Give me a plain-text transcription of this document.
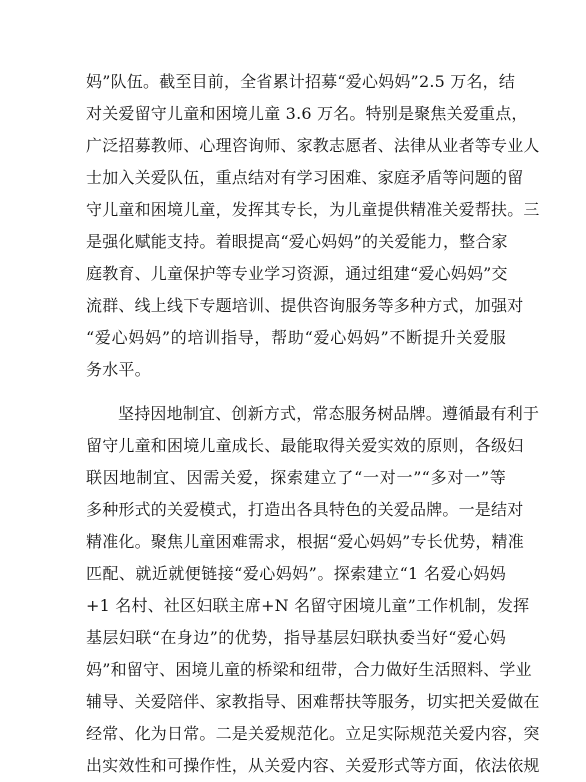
妈”队伍。截至目前，全省累计招募“爱心妈妈”2.5 万名，结
对关爱留守儿童和困境儿童 3.6 万名。特别是聚焦关爱重点，
广泛招募教师、心理咨询师、家教志愿者、法律从业者等专业人
士加入关爱队伍，重点结对有学习困难、家庭矛盾等问题的留
守儿童和困境儿童，发挥其专长，为儿童提供精准关爱帮扶。三
是强化赋能支持。着眼提高“爱心妈妈”的关爱能力，整合家
庭教育、儿童保护等专业学习资源，通过组建“爱心妈妈”交
流群、线上线下专题培训、提供咨询服务等多种方式，加强对
“爱心妈妈”的培训指导，帮助“爱心妈妈”不断提升关爱服
务水平。
坚持因地制宜、创新方式，常态服务树品牌。遵循最有利于
留守儿童和困境儿童成长、最能取得关爱实效的原则，各级妇
联因地制宜、因需关爱，探索建立了“一对一”“多对一”等
多种形式的关爱模式，打造出各具特色的关爱品牌。一是结对
精准化。聚焦儿童困难需求，根据“爱心妈妈”专长优势，精准
匹配、就近就便链接“爱心妈妈”。探索建立“1 名爱心妈妈
+1 名村、社区妇联主席+N 名留守困境儿童”工作机制，发挥
基层妇联“在身边”的优势，指导基层妇联执委当好“爱心妈
妈”和留守、困境儿童的桥梁和纽带，合力做好生活照料、学业
辅导、关爱陪伴、家教指导、困难帮扶等服务，切实把关爱做在
经常、化为日常。二是关爱规范化。立足实际规范关爱内容，突
出实效性和可操作性，从关爱内容、关爱形式等方面，依法依规
